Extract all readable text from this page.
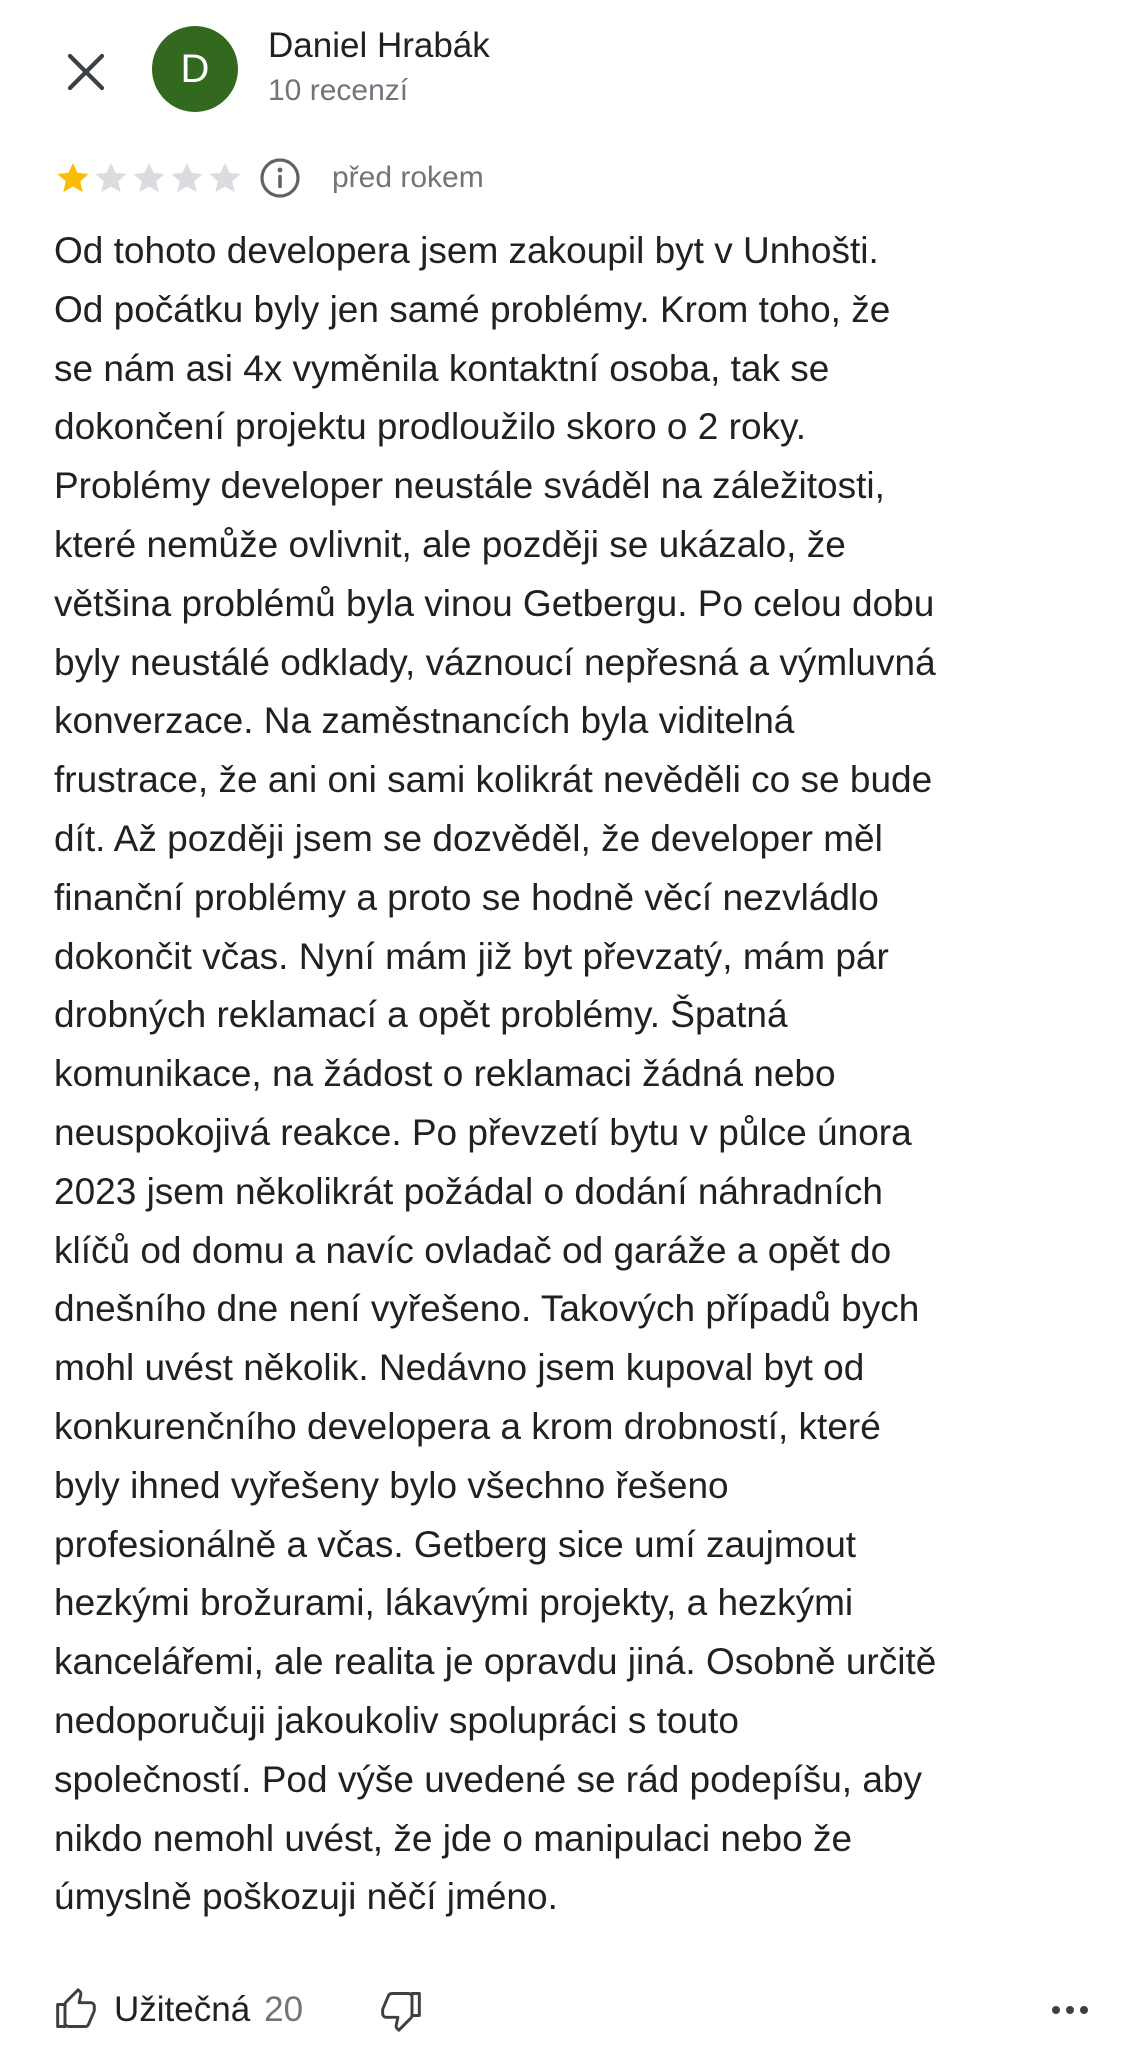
D
Daniel Hrabák
10 recenzí
před rokem
Od tohoto developera jsem zakoupil byt v Unhošti.
Od počátku byly jen samé problémy. Krom toho, že
se nám asi 4x vyměnila kontaktní osoba, tak se
dokončení projektu prodloužilo skoro o 2 roky.
Problémy developer neustále sváděl na záležitosti,
které nemůže ovlivnit, ale později se ukázalo, že
většina problémů byla vinou Getbergu. Po celou dobu
byly neustálé odklady, váznoucí nepřesná a výmluvná
konverzace. Na zaměstnancích byla viditelná
frustrace, že ani oni sami kolikrát nevěděli co se bude
dít. Až později jsem se dozvěděl, že developer měl
finanční problémy a proto se hodně věcí nezvládlo
dokončit včas. Nyní mám již byt převzatý, mám pár
drobných reklamací a opět problémy. Špatná
komunikace, na žádost o reklamaci žádná nebo
neuspokojivá reakce. Po převzetí bytu v půlce února
2023 jsem několikrát požádal o dodání náhradních
klíčů od domu a navíc ovladač od garáže a opět do
dnešního dne není vyřešeno. Takových případů bych
mohl uvést několik. Nedávno jsem kupoval byt od
konkurenčního developera a krom drobností, které
byly ihned vyřešeny bylo všechno řešeno
profesionálně a včas. Getberg sice umí zaujmout
hezkými brožurami, lákavými projekty, a hezkými
kancelářemi, ale realita je opravdu jiná. Osobně určitě
nedoporučuji jakoukoliv spolupráci s touto
společností. Pod výše uvedené se rád podepíšu, aby
nikdo nemohl uvést, že jde o manipulaci nebo že
úmyslně poškozuji něčí jméno.
Užitečná 20
